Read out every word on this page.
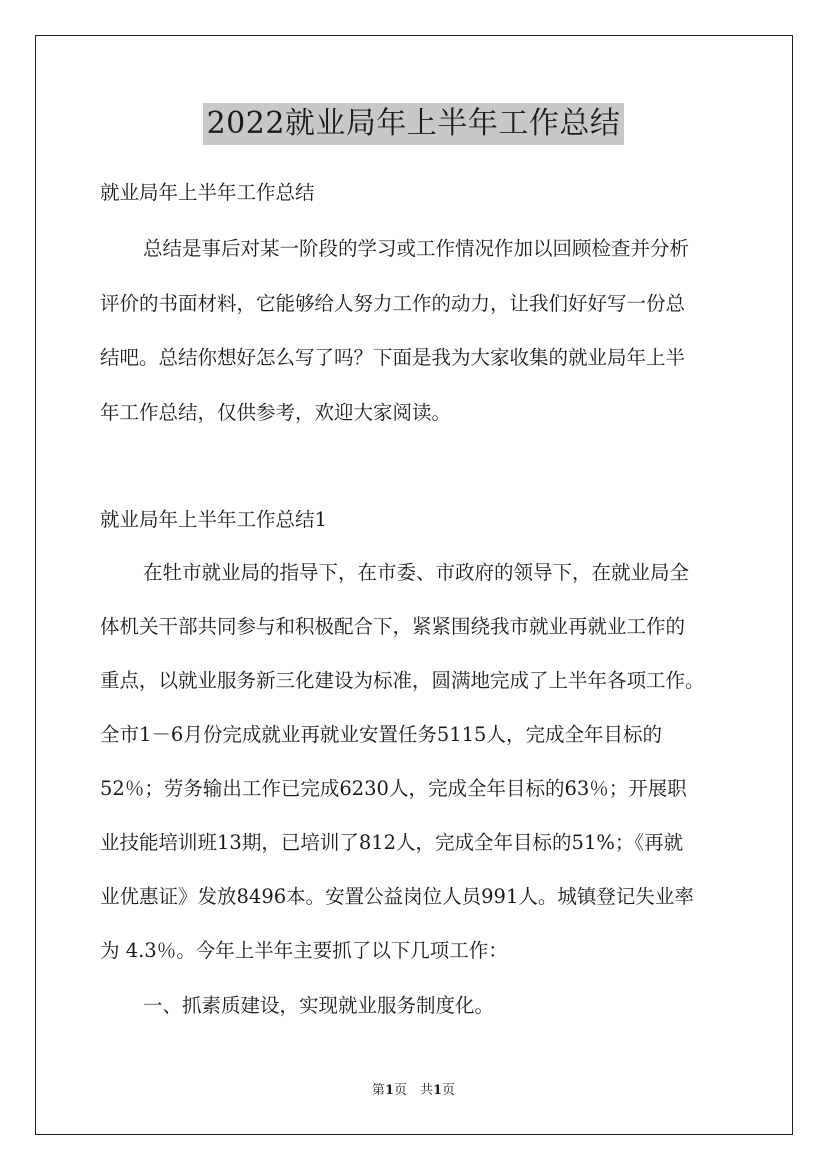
2022就业局年上半年工作总结
就业局年上半年工作总结
总结是事后对某一阶段的学习或工作情况作加以回顾检查并分析
评价的书面材料，它能够给人努力工作的动力，让我们好好写一份总
结吧。总结你想好怎么写了吗？下面是我为大家收集的就业局年上半
年工作总结，仅供参考，欢迎大家阅读。
就业局年上半年工作总结1
在牡市就业局的指导下，在市委、市政府的领导下，在就业局全
体机关干部共同参与和积极配合下，紧紧围绕我市就业再就业工作的
重点，以就业服务新三化建设为标准，圆满地完成了上半年各项工作。
全市1－6月份完成就业再就业安置任务5115人，完成全年目标的
52％；劳务输出工作已完成6230人，完成全年目标的63％；开展职
业技能培训班13期，已培训了812人，完成全年目标的51%；《再就
业优惠证》发放8496本。安置公益岗位人员991人。城镇登记失业率
为 4.3％。今年上半年主要抓了以下几项工作：
一、抓素质建设，实现就业服务制度化。
第1页　共1页
